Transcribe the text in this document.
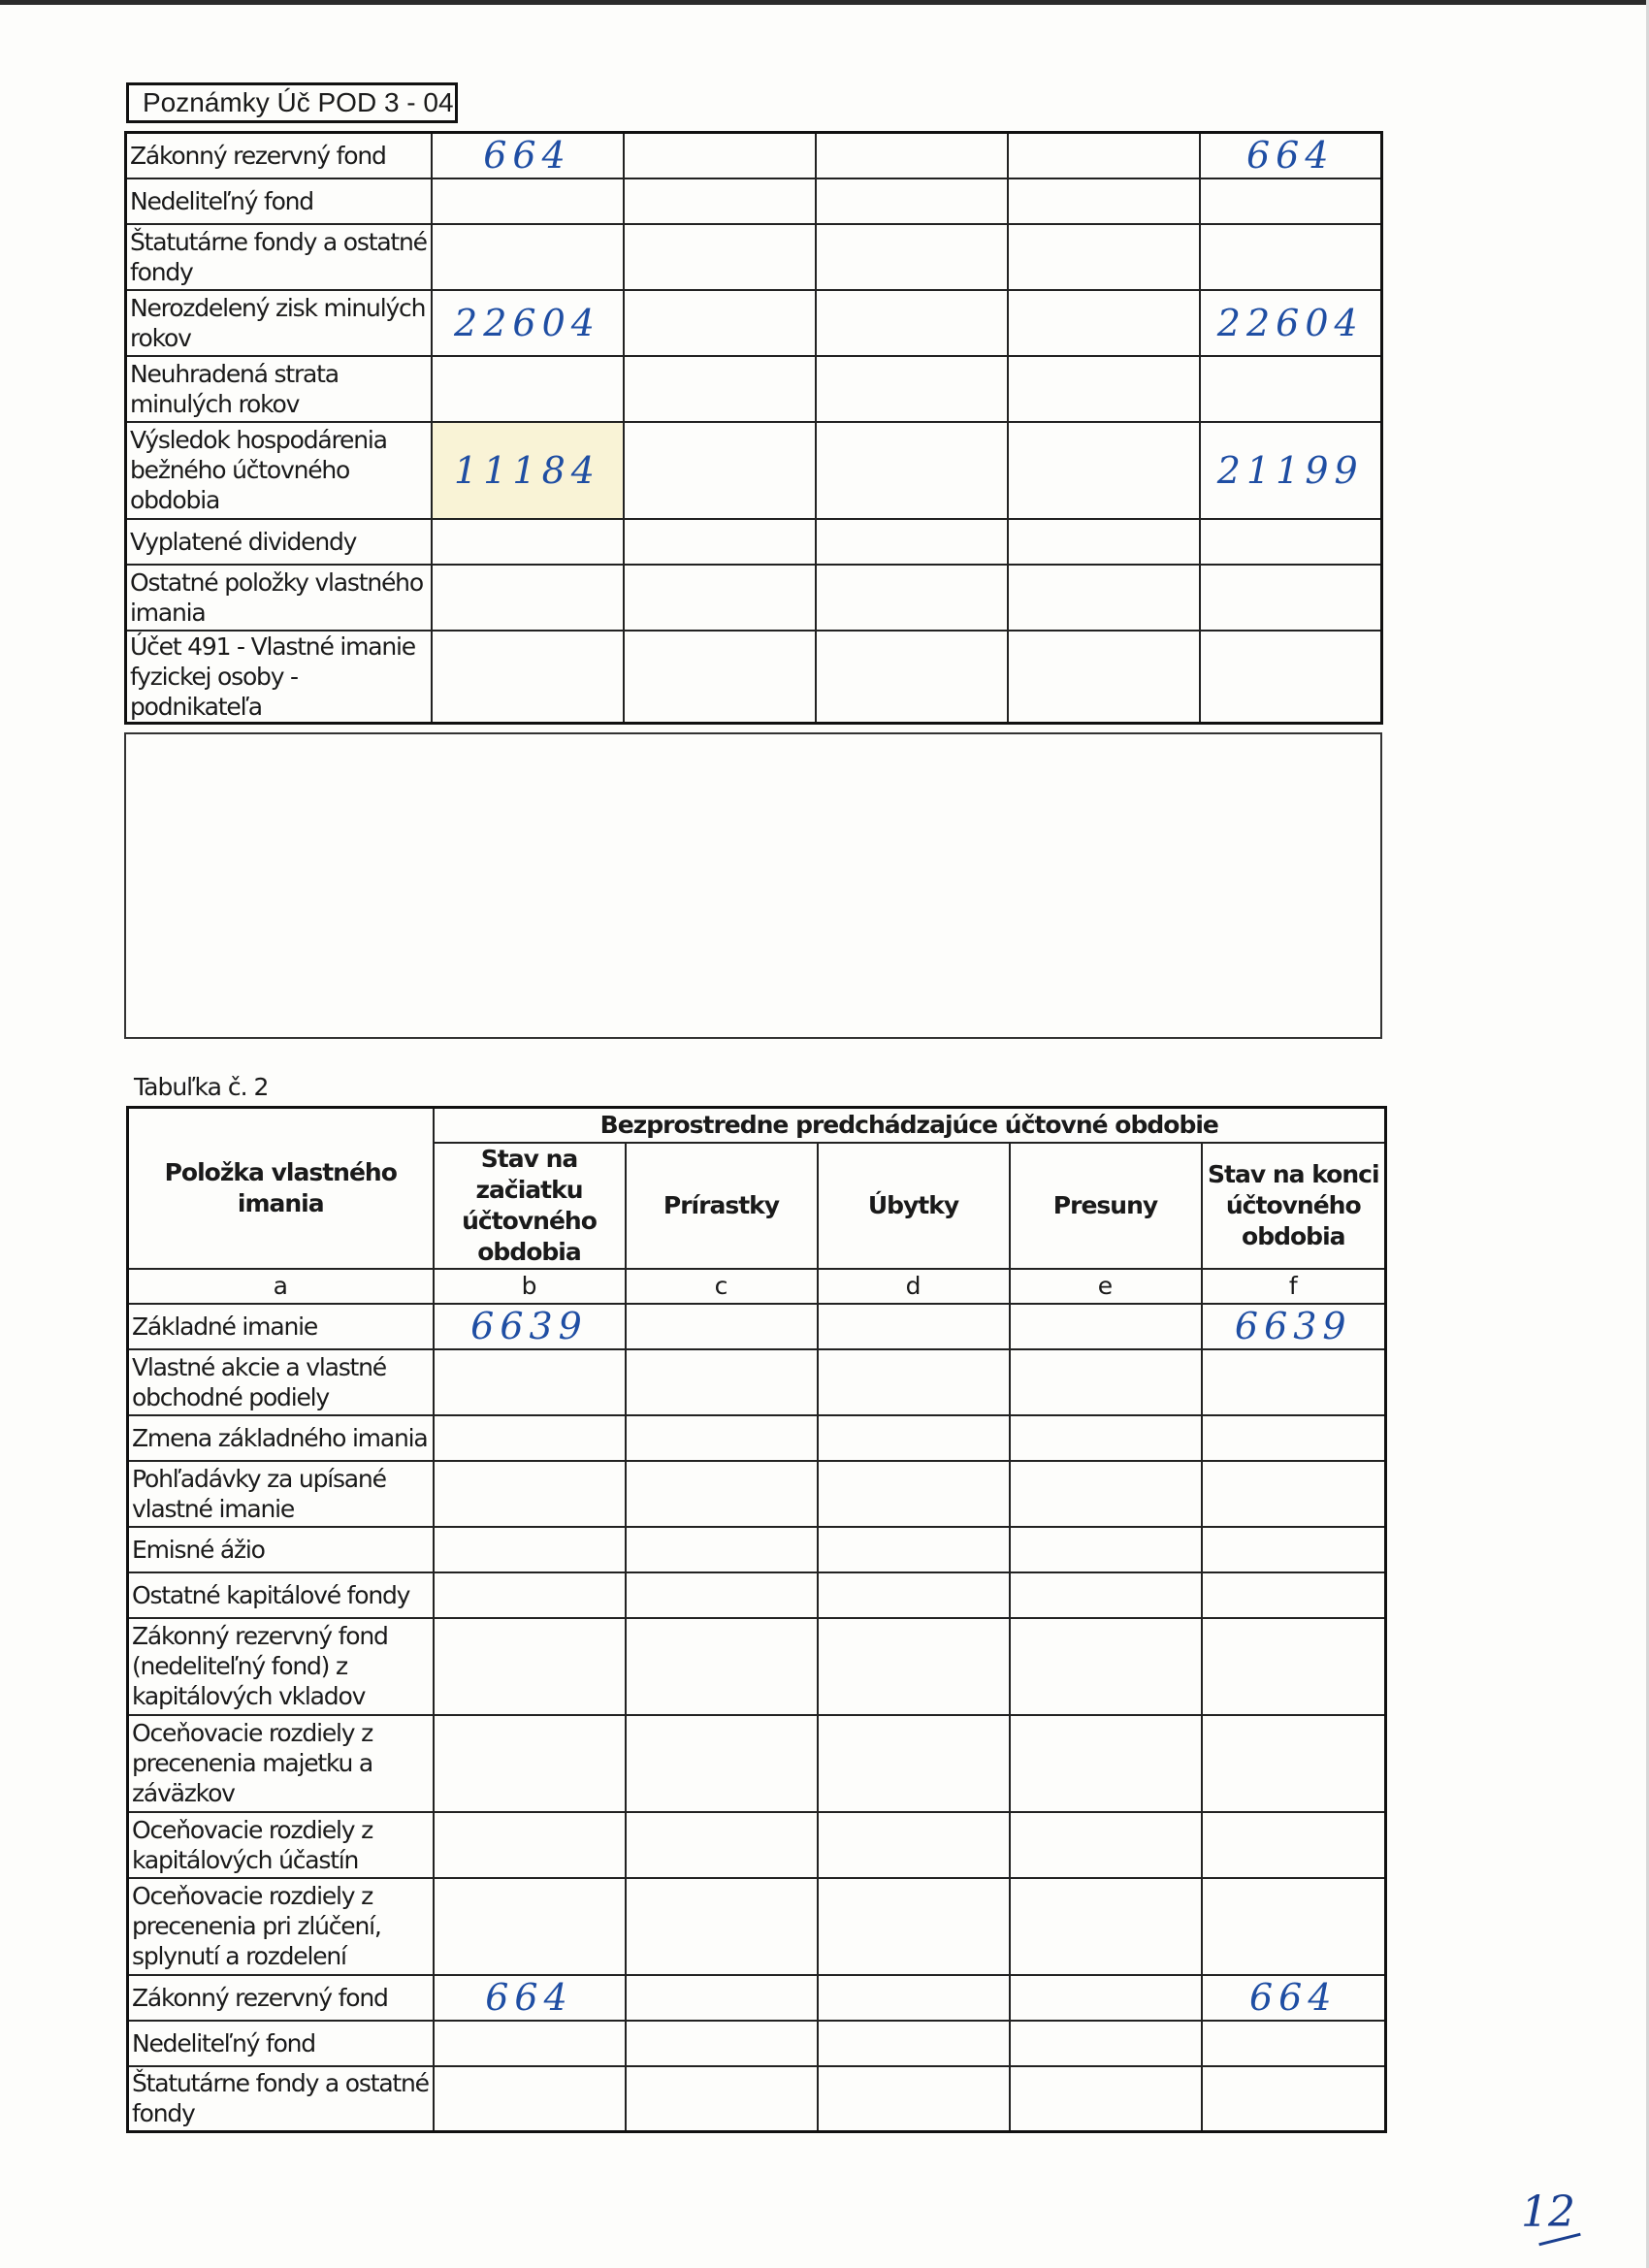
Poznámky Úč POD 3 - 04
Zákonný rezervný fond	664				664
Nedeliteľný fond					
Štatutárne fondy a ostatné fondy					
Nerozdelený zisk minulých rokov	22604				22604
Neuhradená strata minulých rokov					
Výsledok hospodárenia bežného účtovného obdobia	11184				21199
Vyplatené dividendy					
Ostatné položky vlastného imania					
Účet 491 - Vlastné imanie fyzickej osoby - podnikateľa					
Tabuľka č. 2
Položka vlastného imania	Bezprostredne predchádzajúce účtovné obdobie				
	Stav na začiatku účtovného obdobia	Prírastky	Úbytky	Presuny	Stav na konci účtovného obdobia
a	b	c	d	e	f
Základné imanie	6639				6639
Vlastné akcie a vlastné obchodné podiely					
Zmena základného imania					
Pohľadávky za upísané vlastné imanie					
Emisné ážio					
Ostatné kapitálové fondy					
Zákonný rezervný fond (nedeliteľný fond) z kapitálových vkladov					
Oceňovacie rozdiely z precenenia majetku a záväzkov					
Oceňovacie rozdiely z kapitálových účastín					
Oceňovacie rozdiely z precenenia pri zlúčení, splynutí a rozdelení					
Zákonný rezervný fond	664				664
Nedeliteľný fond					
Štatutárne fondy a ostatné fondy					
12
